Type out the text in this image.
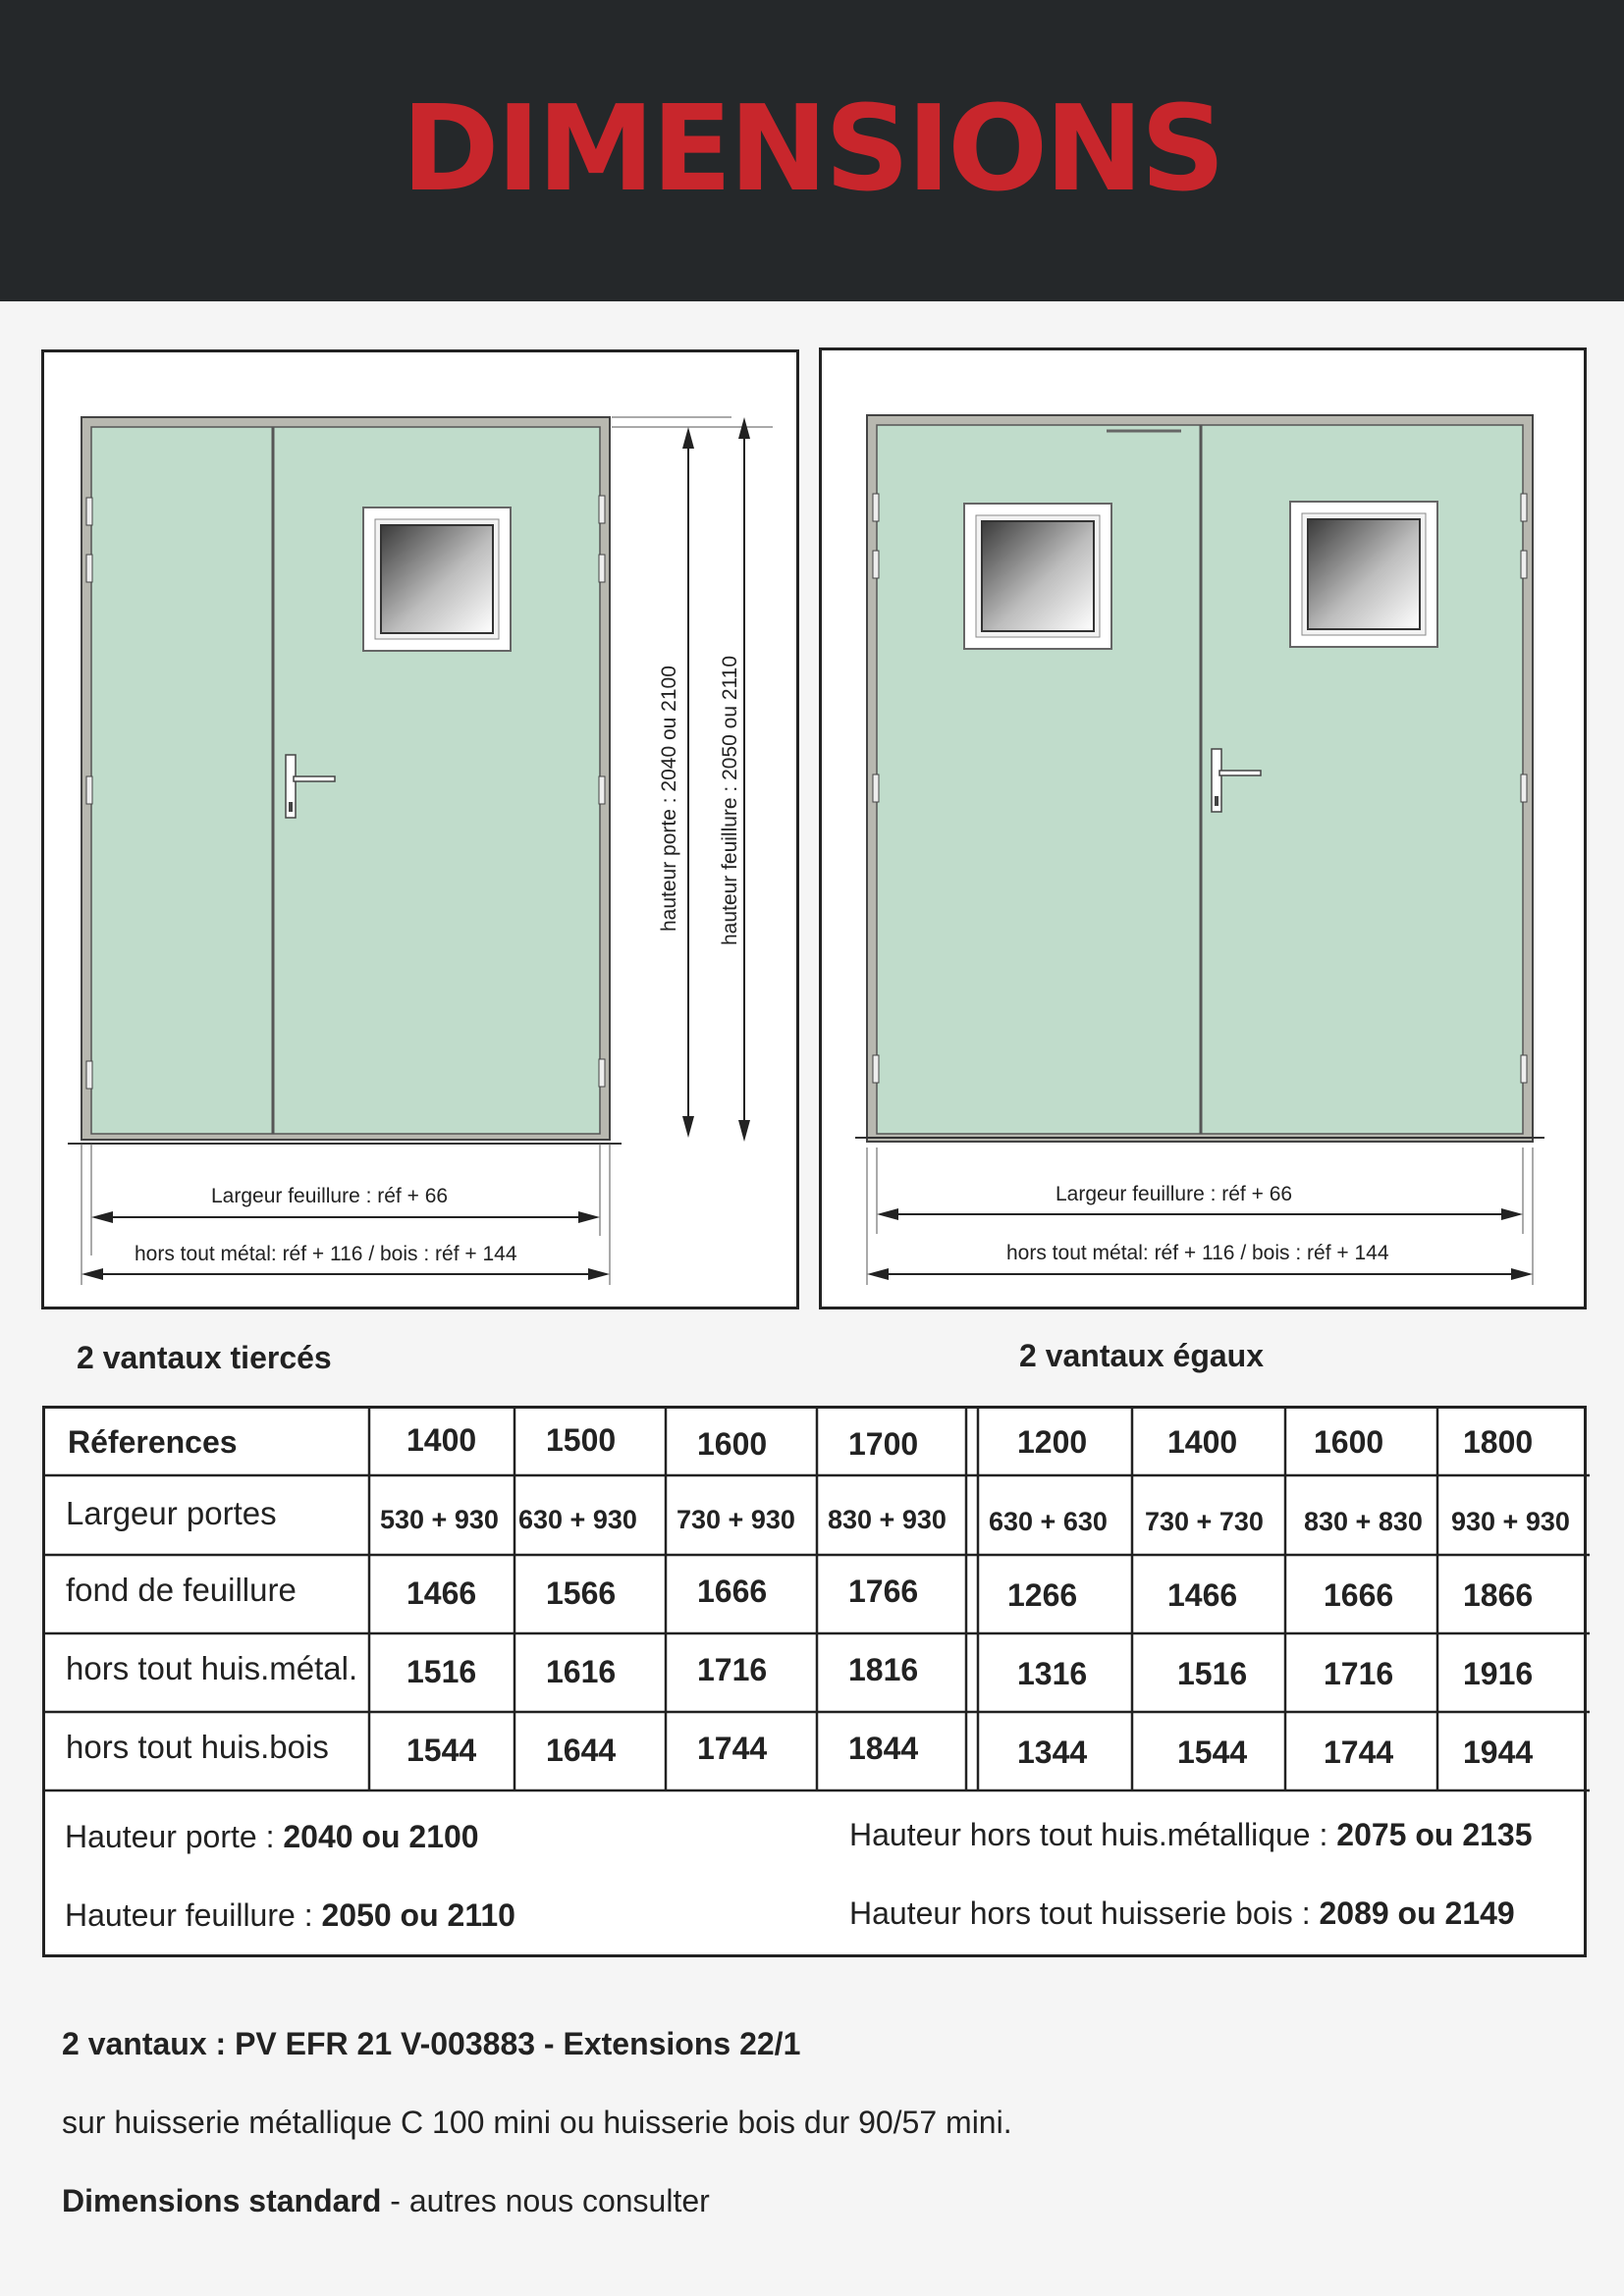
DIMENSIONS
hauteur porte : 2040 ou 2100 hauteur feuillure : 2050 ou 2110
Largeur feuillure : réf + 66
hors tout métal: réf + 116 / bois : réf + 144
Largeur feuillure : réf + 66
hors tout métal: réf + 116 / bois : réf + 144
2 vantaux tiercés	2 vantaux égaux
Réferences	1400 1500	1600	1700	1200	1400 1600	1800
Largeur portes	530 + 930 630 + 930 730 + 930 830 + 930 630 + 630 730 + 730 830 + 830 930 + 930
fond de feuillure	1466 1566	1666	1766	1266	1466	1666 1866
hors tout huis.métal. 1516 1616	1716	1816	1316	1516 1716 1916
hors tout huis.bois 1544 1644	1744	1844	1344	1544 1744 1944
Hauteur porte : 2040 ou 2100
Hauteur feuillure : 2050 ou 2110
Hauteur hors tout huis.métallique : 2075 ou 2135
Hauteur hors tout huisserie bois : 2089 ou 2149
2 vantaux : PV EFR 21 V-003883 - Extensions 22/1
sur huisserie métallique C 100 mini ou huisserie bois dur 90/57 mini.
Dimensions standard - autres nous consulter
